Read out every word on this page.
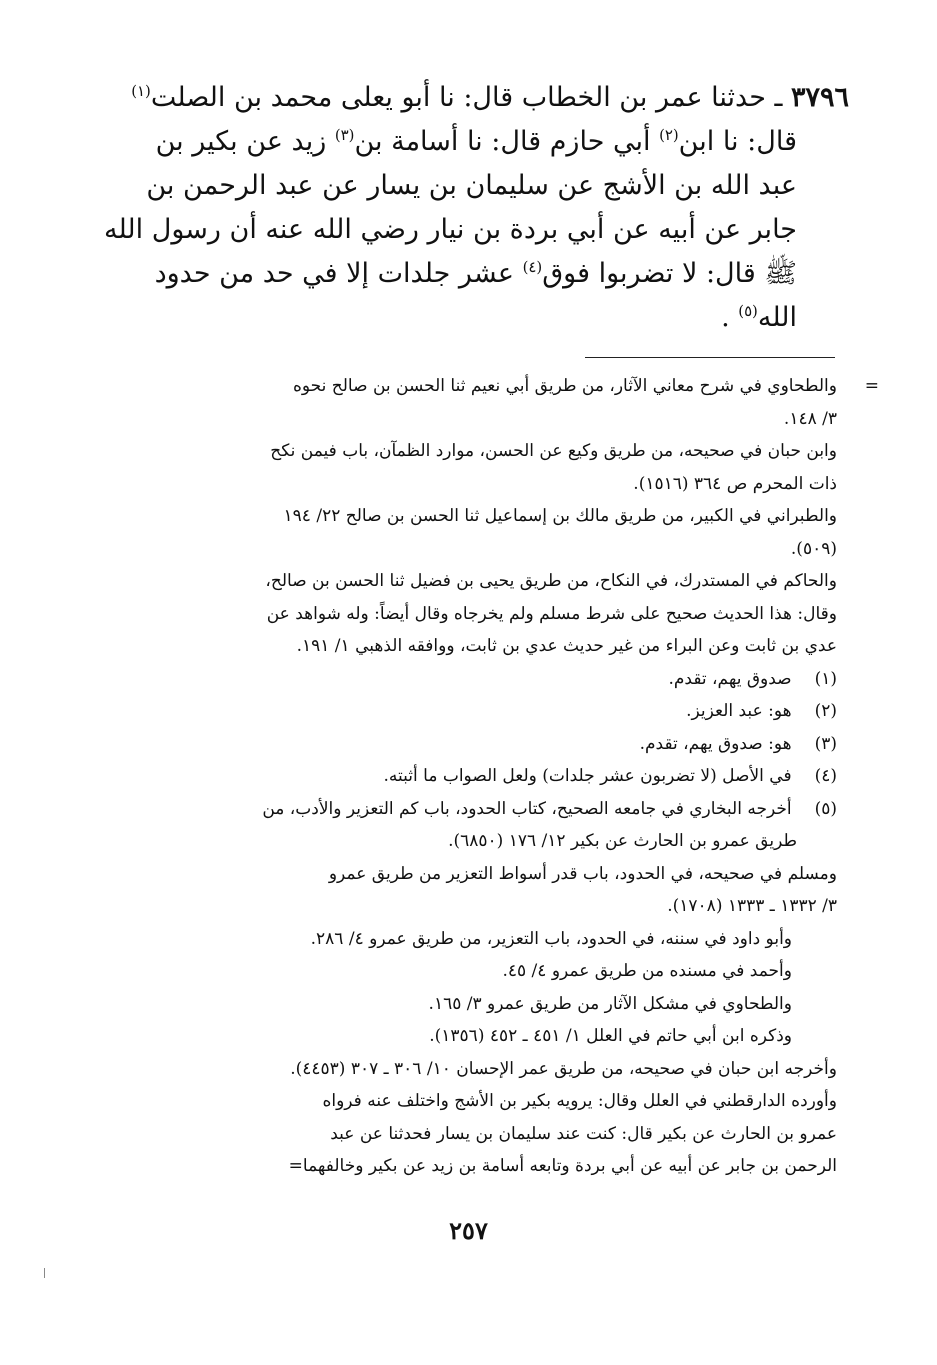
٣٧٩٦ ـ حدثنا عمر بن الخطاب قال: نا أبو يعلى محمد بن الصلت$^{(١)}$
قال: نا ابن$^{(٢)}$ أبي حازم قال: نا أسامة بن$^{(٣)}$ زيد عن بكير بن
عبد الله بن الأشج عن سليمان بن يسار عن عبد الرحمن بن
جابر عن أبيه عن أبي بردة بن نيار رضي الله عنه أن رسول الله
ﷺ قال: لا تضربوا فوق$^{(٤)}$ عشر جلدات إلا في حد من حدود
الله$^{(٥)}$ .
=
والطحاوي في شرح معاني الآثار، من طريق أبي نعيم ثنا الحسن بن صالح نحوه
٣/ ١٤٨.
وابن حبان في صحيحه، من طريق وكيع عن الحسن، موارد الظمآن، باب فيمن نكح
ذات المحرم ص ٣٦٤ (١٥١٦).
والطبراني في الكبير، من طريق مالك بن إسماعيل ثنا الحسن بن صالح ٢٢/ ١٩٤
(٥٠٩).
والحاكم في المستدرك، في النكاح، من طريق يحيى بن فضيل ثنا الحسن بن صالح،
وقال: هذا الحديث صحيح على شرط مسلم ولم يخرجاه وقال أيضاً: وله شواهد عن
عدي بن ثابت وعن البراء من غير حديث عدي بن ثابت، ووافقه الذهبي ١/ ١٩١.
(١) صدوق يهم، تقدم.
(٢) هو: عبد العزيز.
(٣) هو: صدوق يهم، تقدم.
(٤) في الأصل (لا تضربون عشر جلدات) ولعل الصواب ما أثبته.
(٥) أخرجه البخاري في جامعه الصحيح، كتاب الحدود، باب كم التعزير والأدب، من
طريق عمرو بن الحارث عن بكير ١٢/ ١٧٦ (٦٨٥٠).
ومسلم في صحيحه، في الحدود، باب قدر أسواط التعزير من طريق عمرو
٣/ ١٣٣٢ ـ ١٣٣٣ (١٧٠٨).
وأبو داود في سننه، في الحدود، باب التعزير، من طريق عمرو ٤/ ٢٨٦.
وأحمد في مسنده من طريق عمرو ٤/ ٤٥.
والطحاوي في مشكل الآثار من طريق عمرو ٣/ ١٦٥.
وذكره ابن أبي حاتم في العلل ١/ ٤٥١ ـ ٤٥٢ (١٣٥٦).
وأخرجه ابن حبان في صحيحه، من طريق عمر الإحسان ١٠/ ٣٠٦ ـ ٣٠٧ (٤٤٥٣).
وأورده الدارقطني في العلل وقال: يرويه بكير بن الأشج واختلف عنه فرواه
عمرو بن الحارث عن بكير قال: كنت عند سليمان بن يسار فحدثنا عن عبد
الرحمن بن جابر عن أبيه عن أبي بردة وتابعه أسامة بن زيد عن بكير وخالفهما=
٢٥٧
